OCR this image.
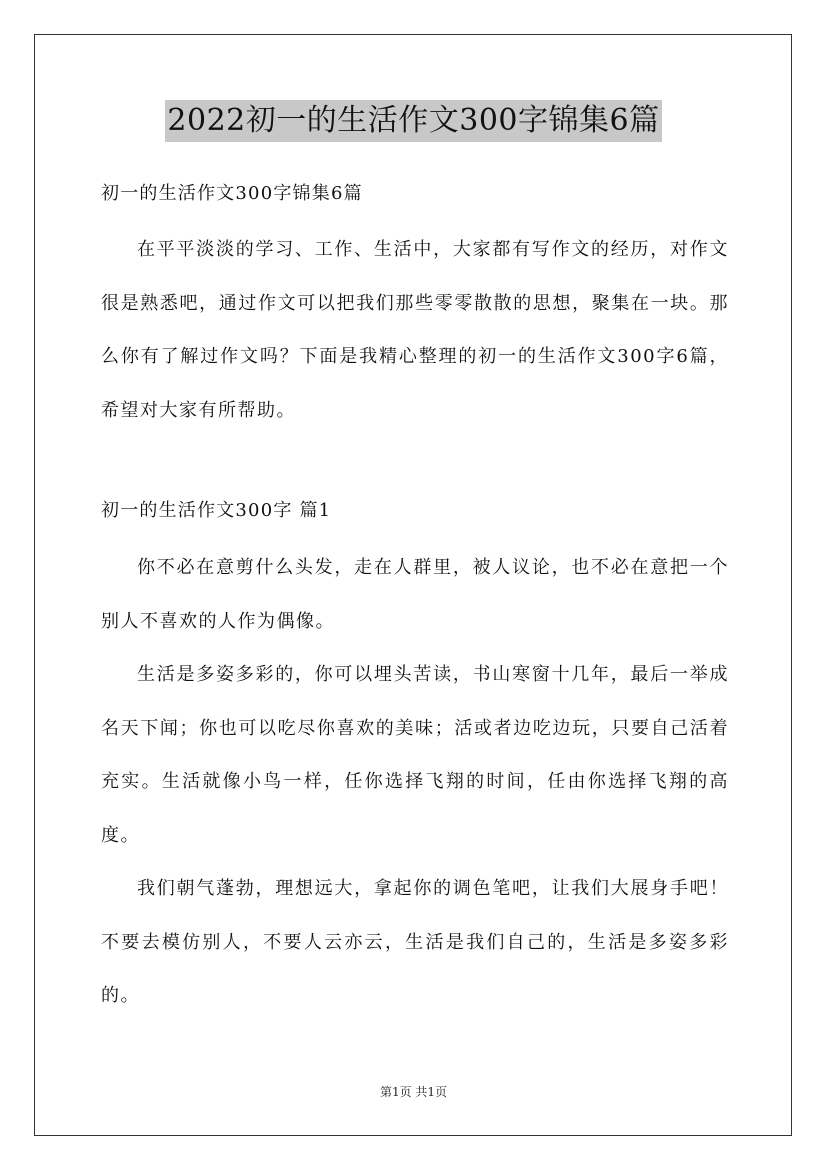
2022初一的生活作文300字锦集6篇
初一的生活作文300字锦集6篇

在平平淡淡的学习、工作、生活中，大家都有写作文的经历，对作文很是熟悉吧，通过作文可以把我们那些零零散散的思想，聚集在一块。那么你有了解过作文吗？下面是我精心整理的初一的生活作文300字6篇，希望对大家有所帮助。

初一的生活作文300字 篇1

你不必在意剪什么头发，走在人群里，被人议论，也不必在意把一个别人不喜欢的人作为偶像。

生活是多姿多彩的，你可以埋头苦读，书山寒窗十几年，最后一举成名天下闻；你也可以吃尽你喜欢的美味；活或者边吃边玩，只要自己活着充实。生活就像小鸟一样，任你选择飞翔的时间，任由你选择飞翔的高度。

我们朝气蓬勃，理想远大，拿起你的调色笔吧，让我们大展身手吧！不要去模仿别人，不要人云亦云，生活是我们自己的，生活是多姿多彩的。

第1页 共1页
